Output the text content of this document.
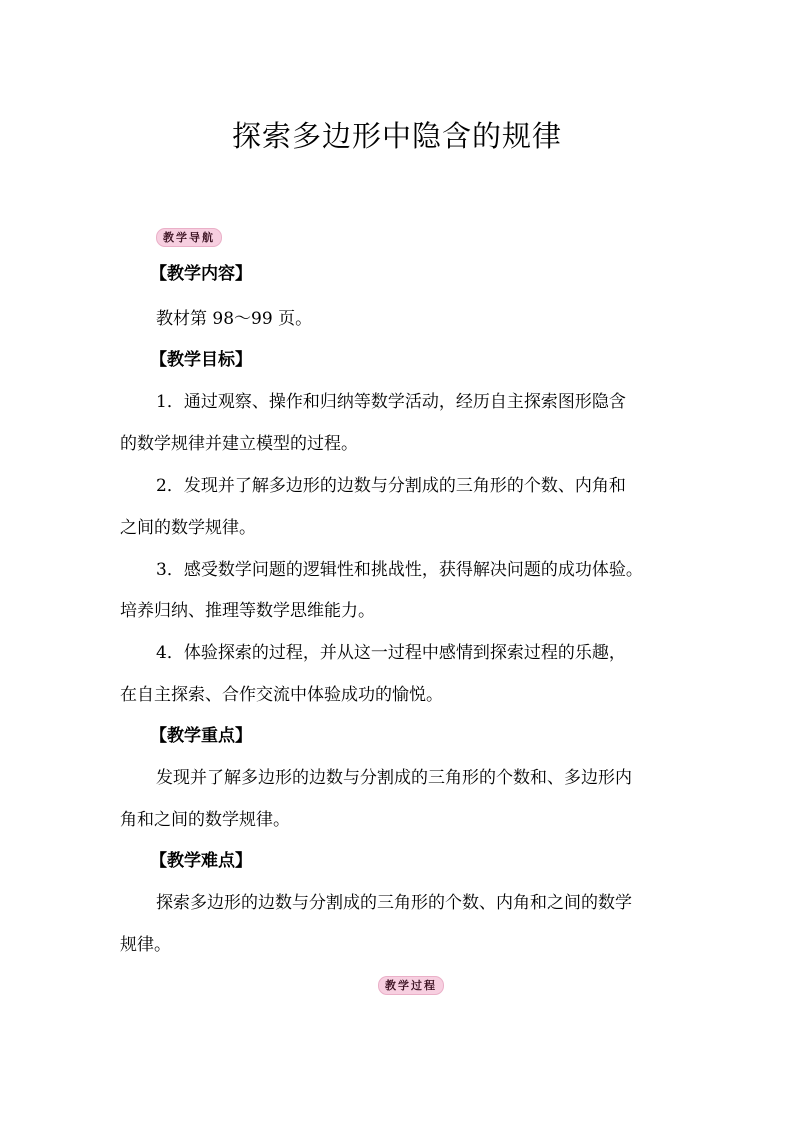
探索多边形中隐含的规律
教学导航
【教学内容】
教材第 98～99 页。
【教学目标】
1．通过观察、操作和归纳等数学活动，经历自主探索图形隐含
的数学规律并建立模型的过程。
2．发现并了解多边形的边数与分割成的三角形的个数、内角和
之间的数学规律。
3．感受数学问题的逻辑性和挑战性，获得解决问题的成功体验。
培养归纳、推理等数学思维能力。
4．体验探索的过程，并从这一过程中感情到探索过程的乐趣，
在自主探索、合作交流中体验成功的愉悦。
【教学重点】
发现并了解多边形的边数与分割成的三角形的个数和、多边形内
角和之间的数学规律。
【教学难点】
探索多边形的边数与分割成的三角形的个数、内角和之间的数学
规律。
教学过程
